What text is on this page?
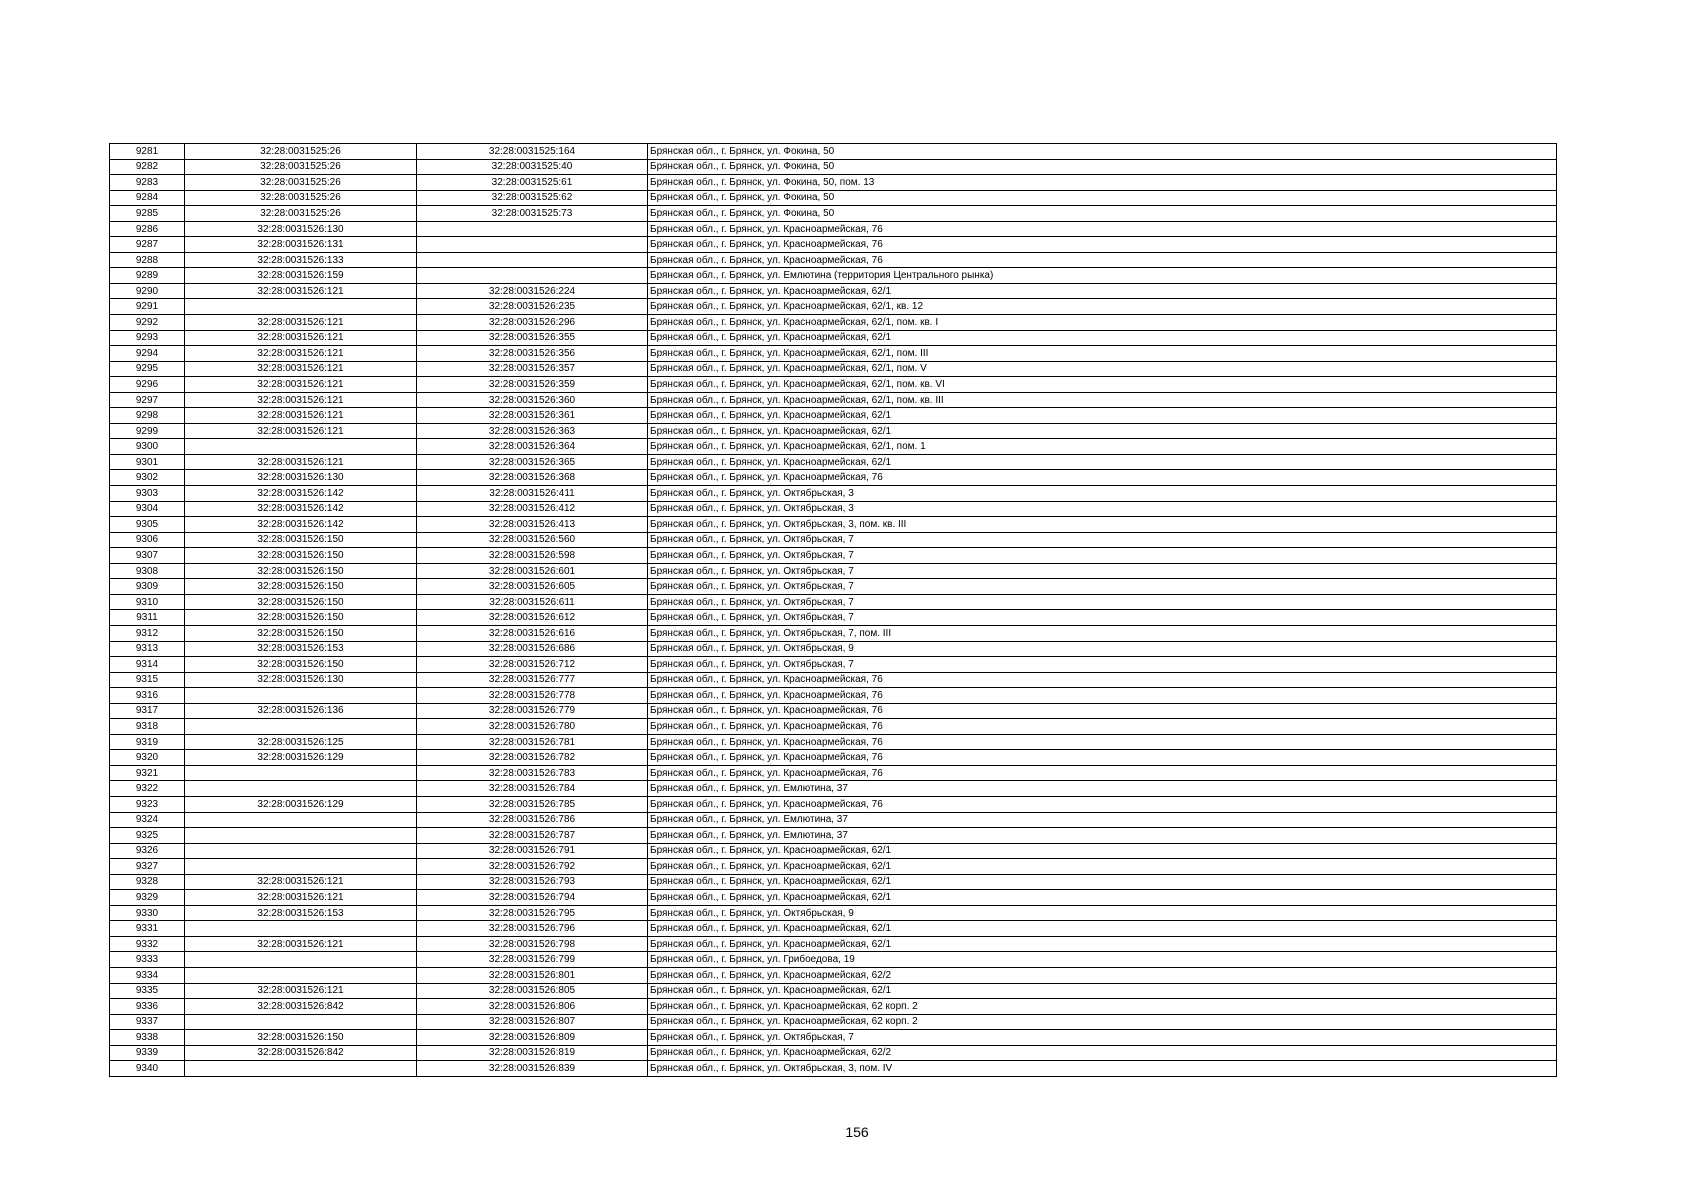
9281	32:28:0031525:26	32:28:0031525:164	Брянская обл., г. Брянск, ул. Фокина, 50
9282	32:28:0031525:26	32:28:0031525:40	Брянская обл., г. Брянск, ул. Фокина, 50
9283	32:28:0031525:26	32:28:0031525:61	Брянская обл., г. Брянск, ул. Фокина, 50, пом. 13
9284	32:28:0031525:26	32:28:0031525:62	Брянская обл., г. Брянск, ул. Фокина, 50
9285	32:28:0031525:26	32:28:0031525:73	Брянская обл., г. Брянск, ул. Фокина, 50
9286	32:28:0031526:130		Брянская обл., г. Брянск, ул. Красноармейская, 76
9287	32:28:0031526:131		Брянская обл., г. Брянск, ул. Красноармейская, 76
9288	32:28:0031526:133		Брянская обл., г. Брянск, ул. Красноармейская, 76
9289	32:28:0031526:159		Брянская обл., г. Брянск, ул. Емлютина (территория Центрального рынка)
9290	32:28:0031526:121	32:28:0031526:224	Брянская обл., г. Брянск, ул. Красноармейская, 62/1
9291		32:28:0031526:235	Брянская обл., г. Брянск, ул. Красноармейская, 62/1, кв. 12
9292	32:28:0031526:121	32:28:0031526:296	Брянская обл., г. Брянск, ул. Красноармейская, 62/1, пом. кв. I
9293	32:28:0031526:121	32:28:0031526:355	Брянская обл., г. Брянск, ул. Красноармейская, 62/1
9294	32:28:0031526:121	32:28:0031526:356	Брянская обл., г. Брянск, ул. Красноармейская, 62/1, пом. III
9295	32:28:0031526:121	32:28:0031526:357	Брянская обл., г. Брянск, ул. Красноармейская, 62/1, пом. V
9296	32:28:0031526:121	32:28:0031526:359	Брянская обл., г. Брянск, ул. Красноармейская, 62/1, пом. кв. VI
9297	32:28:0031526:121	32:28:0031526:360	Брянская обл., г. Брянск, ул. Красноармейская, 62/1, пом. кв. III
9298	32:28:0031526:121	32:28:0031526:361	Брянская обл., г. Брянск, ул. Красноармейская, 62/1
9299	32:28:0031526:121	32:28:0031526:363	Брянская обл., г. Брянск, ул. Красноармейская, 62/1
9300		32:28:0031526:364	Брянская обл., г. Брянск, ул. Красноармейская, 62/1, пом. 1
9301	32:28:0031526:121	32:28:0031526:365	Брянская обл., г. Брянск, ул. Красноармейская, 62/1
9302	32:28:0031526:130	32:28:0031526:368	Брянская обл., г. Брянск, ул. Красноармейская, 76
9303	32:28:0031526:142	32:28:0031526:411	Брянская обл., г. Брянск, ул. Октябрьская, 3
9304	32:28:0031526:142	32:28:0031526:412	Брянская обл., г. Брянск, ул. Октябрьская, 3
9305	32:28:0031526:142	32:28:0031526:413	Брянская обл., г. Брянск, ул. Октябрьская, 3, пом. кв. III
9306	32:28:0031526:150	32:28:0031526:560	Брянская обл., г. Брянск, ул. Октябрьская, 7
9307	32:28:0031526:150	32:28:0031526:598	Брянская обл., г. Брянск, ул. Октябрьская, 7
9308	32:28:0031526:150	32:28:0031526:601	Брянская обл., г. Брянск, ул. Октябрьская, 7
9309	32:28:0031526:150	32:28:0031526:605	Брянская обл., г. Брянск, ул. Октябрьская, 7
9310	32:28:0031526:150	32:28:0031526:611	Брянская обл., г. Брянск, ул. Октябрьская, 7
9311	32:28:0031526:150	32:28:0031526:612	Брянская обл., г. Брянск, ул. Октябрьская, 7
9312	32:28:0031526:150	32:28:0031526:616	Брянская обл., г. Брянск, ул. Октябрьская, 7, пом. III
9313	32:28:0031526:153	32:28:0031526:686	Брянская обл., г. Брянск, ул. Октябрьская, 9
9314	32:28:0031526:150	32:28:0031526:712	Брянская обл., г. Брянск, ул. Октябрьская, 7
9315	32:28:0031526:130	32:28:0031526:777	Брянская обл., г. Брянск, ул. Красноармейская, 76
9316		32:28:0031526:778	Брянская обл., г. Брянск, ул. Красноармейская, 76
9317	32:28:0031526:136	32:28:0031526:779	Брянская обл., г. Брянск, ул. Красноармейская, 76
9318		32:28:0031526:780	Брянская обл., г. Брянск, ул. Красноармейская, 76
9319	32:28:0031526:125	32:28:0031526:781	Брянская обл., г. Брянск, ул. Красноармейская, 76
9320	32:28:0031526:129	32:28:0031526:782	Брянская обл., г. Брянск, ул. Красноармейская, 76
9321		32:28:0031526:783	Брянская обл., г. Брянск, ул. Красноармейская, 76
9322		32:28:0031526:784	Брянская обл., г. Брянск, ул. Емлютина, 37
9323	32:28:0031526:129	32:28:0031526:785	Брянская обл., г. Брянск, ул. Красноармейская, 76
9324		32:28:0031526:786	Брянская обл., г. Брянск, ул. Емлютина, 37
9325		32:28:0031526:787	Брянская обл., г. Брянск, ул. Емлютина, 37
9326		32:28:0031526:791	Брянская обл., г. Брянск, ул. Красноармейская, 62/1
9327		32:28:0031526:792	Брянская обл., г. Брянск, ул. Красноармейская, 62/1
9328	32:28:0031526:121	32:28:0031526:793	Брянская обл., г. Брянск, ул. Красноармейская, 62/1
9329	32:28:0031526:121	32:28:0031526:794	Брянская обл., г. Брянск, ул. Красноармейская, 62/1
9330	32:28:0031526:153	32:28:0031526:795	Брянская обл., г. Брянск, ул. Октябрьская, 9
9331		32:28:0031526:796	Брянская обл., г. Брянск, ул. Красноармейская, 62/1
9332	32:28:0031526:121	32:28:0031526:798	Брянская обл., г. Брянск, ул. Красноармейская, 62/1
9333		32:28:0031526:799	Брянская обл., г. Брянск, ул. Грибоедова, 19
9334		32:28:0031526:801	Брянская обл., г. Брянск, ул. Красноармейская, 62/2
9335	32:28:0031526:121	32:28:0031526:805	Брянская обл., г. Брянск, ул. Красноармейская, 62/1
9336	32:28:0031526:842	32:28:0031526:806	Брянская обл., г. Брянск, ул. Красноармейская, 62 корп. 2
9337		32:28:0031526:807	Брянская обл., г. Брянск, ул. Красноармейская, 62 корп. 2
9338	32:28:0031526:150	32:28:0031526:809	Брянская обл., г. Брянск, ул. Октябрьская, 7
9339	32:28:0031526:842	32:28:0031526:819	Брянская обл., г. Брянск, ул. Красноармейская, 62/2
9340		32:28:0031526:839	Брянская обл., г. Брянск, ул. Октябрьская, 3, пом. IV
156
